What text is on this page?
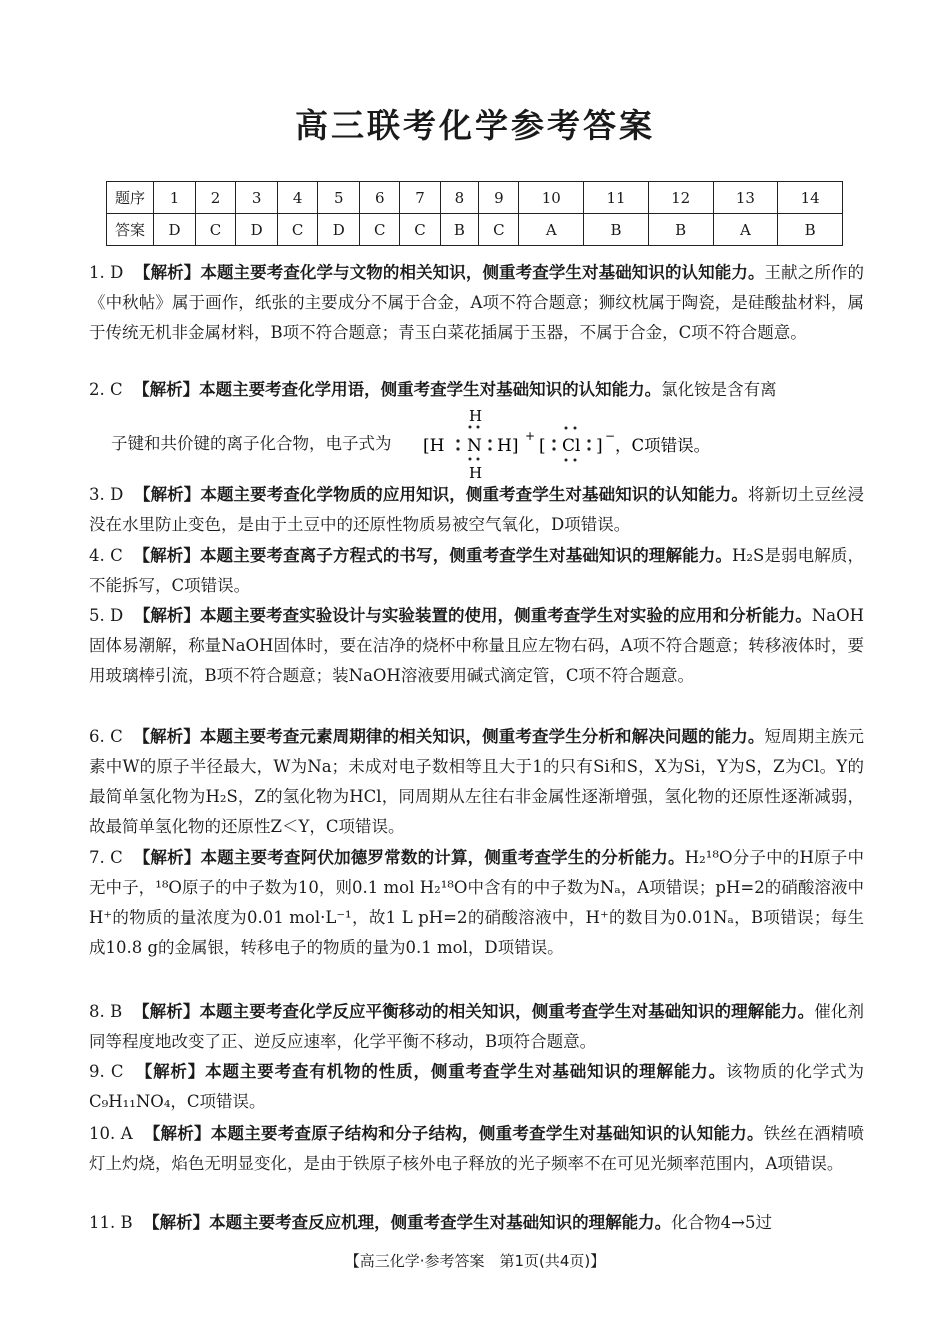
高三联考化学参考答案
题序	1	2	3	4	5	6	7	8	9	10	11	12	13	14
答案	D	C	D	C	D	C	C	B	C	A	B	B	A	B
1. D 【解析】本题主要考查化学与文物的相关知识，侧重考查学生对基础知识的认知能力。王献之所作的《中秋帖》属于画作，纸张的主要成分不属于合金，A项不符合题意；狮纹枕属于陶瓷，是硅酸盐材料，属于传统无机非金属材料，B项不符合题意；青玉白菜花插属于玉器，不属于合金，C项不符合题意。
2. C 【解析】本题主要考查化学用语，侧重考查学生对基础知识的认知能力。氯化铵是含有离
子键和共价键的离子化合物，电子式为 [H
H
N
H
H] + [ Cl ] − ，C项错误。
3. D 【解析】本题主要考查化学物质的应用知识，侧重考查学生对基础知识的认知能力。将新切土豆丝浸没在水里防止变色，是由于土豆中的还原性物质易被空气氧化，D项错误。
4. C 【解析】本题主要考查离子方程式的书写，侧重考查学生对基础知识的理解能力。H₂S是弱电解质，不能拆写，C项错误。
5. D 【解析】本题主要考查实验设计与实验装置的使用，侧重考查学生对实验的应用和分析能力。NaOH固体易潮解，称量NaOH固体时，要在洁净的烧杯中称量且应左物右码，A项不符合题意；转移液体时，要用玻璃棒引流，B项不符合题意；装NaOH溶液要用碱式滴定管，C项不符合题意。
6. C 【解析】本题主要考查元素周期律的相关知识，侧重考查学生分析和解决问题的能力。短周期主族元素中W的原子半径最大，W为Na；未成对电子数相等且大于1的只有Si和S，X为Si，Y为S，Z为Cl。Y的最简单氢化物为H₂S，Z的氢化物为HCl，同周期从左往右非金属性逐渐增强，氢化物的还原性逐渐减弱，故最简单氢化物的还原性Z＜Y，C项错误。
7. C 【解析】本题主要考查阿伏加德罗常数的计算，侧重考查学生的分析能力。H₂¹⁸O分子中的H原子中无中子，¹⁸O原子的中子数为10，则0.1 mol H₂¹⁸O中含有的中子数为Nₐ，A项错误；pH=2的硝酸溶液中H⁺的物质的量浓度为0.01 mol·L⁻¹，故1 L pH=2的硝酸溶液中，H⁺的数目为0.01Nₐ，B项错误；每生成10.8 g的金属银，转移电子的物质的量为0.1 mol，D项错误。
8. B 【解析】本题主要考查化学反应平衡移动的相关知识，侧重考查学生对基础知识的理解能力。催化剂同等程度地改变了正、逆反应速率，化学平衡不移动，B项符合题意。
9. C 【解析】本题主要考查有机物的性质，侧重考查学生对基础知识的理解能力。该物质的化学式为C₉H₁₁NO₄，C项错误。
10. A 【解析】本题主要考查原子结构和分子结构，侧重考查学生对基础知识的认知能力。铁丝在酒精喷灯上灼烧，焰色无明显变化，是由于铁原子核外电子释放的光子频率不在可见光频率范围内，A项错误。
11. B 【解析】本题主要考查反应机理，侧重考查学生对基础知识的理解能力。化合物4→5过
【高三化学·参考答案　第1页(共4页)】
